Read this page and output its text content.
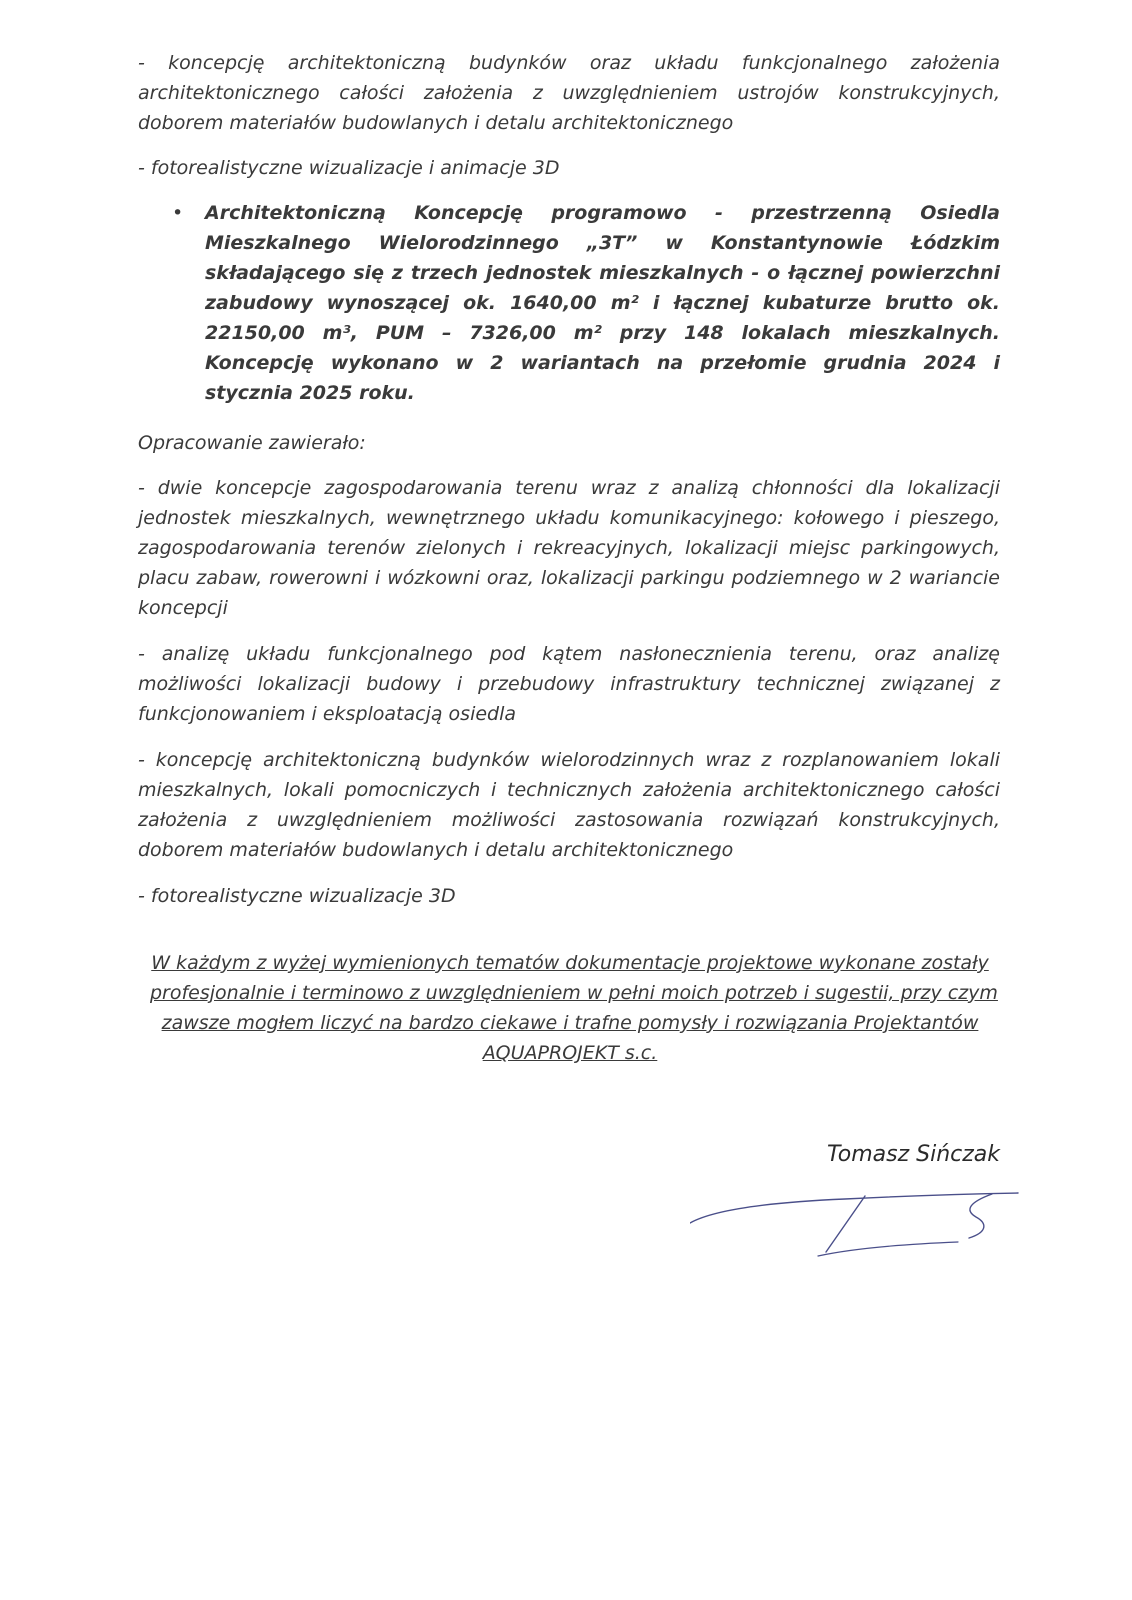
- koncepcję architektoniczną budynków oraz układu funkcjonalnego założenia architektonicznego całości założenia z uwzględnieniem ustrojów konstrukcyjnych, doborem materiałów budowlanych i detalu architektonicznego

- fotorealistyczne wizualizacje i animacje 3D

• Architektoniczną Koncepcję programowo - przestrzenną Osiedla Mieszkalnego Wielorodzinnego „3T” w Konstantynowie Łódzkim składającego się z trzech jednostek mieszkalnych - o łącznej powierzchni zabudowy wynoszącej ok. 1640,00 m² i łącznej kubaturze brutto ok. 22150,00 m³, PUM – 7326,00 m² przy 148 lokalach mieszkalnych. Koncepcję wykonano w 2 wariantach na przełomie grudnia 2024 i stycznia 2025 roku.

Opracowanie zawierało:

- dwie koncepcje zagospodarowania terenu wraz z analizą chłonności dla lokalizacji jednostek mieszkalnych, wewnętrznego układu komunikacyjnego: kołowego i pieszego, zagospodarowania terenów zielonych i rekreacyjnych, lokalizacji miejsc parkingowych, placu zabaw, rowerowni i wózkowni oraz, lokalizacji parkingu podziemnego w 2 wariancie koncepcji

- analizę układu funkcjonalnego pod kątem nasłonecznienia terenu, oraz analizę możliwości lokalizacji budowy i przebudowy infrastruktury technicznej związanej z funkcjonowaniem i eksploatacją osiedla

- koncepcję architektoniczną budynków wielorodzinnych wraz z rozplanowaniem lokali mieszkalnych, lokali pomocniczych i technicznych założenia architektonicznego całości założenia z uwzględnieniem możliwości zastosowania rozwiązań konstrukcyjnych, doborem materiałów budowlanych i detalu architektonicznego

- fotorealistyczne wizualizacje 3D

W każdym z wyżej wymienionych tematów dokumentacje projektowe wykonane zostały
profesjonalnie i terminowo z uwzględnieniem w pełni moich potrzeb i sugestii, przy czym
zawsze mogłem liczyć na bardzo ciekawe i trafne pomysły i rozwiązania Projektantów
AQUAPROJEKT s.c.
Tomasz Sińczak
